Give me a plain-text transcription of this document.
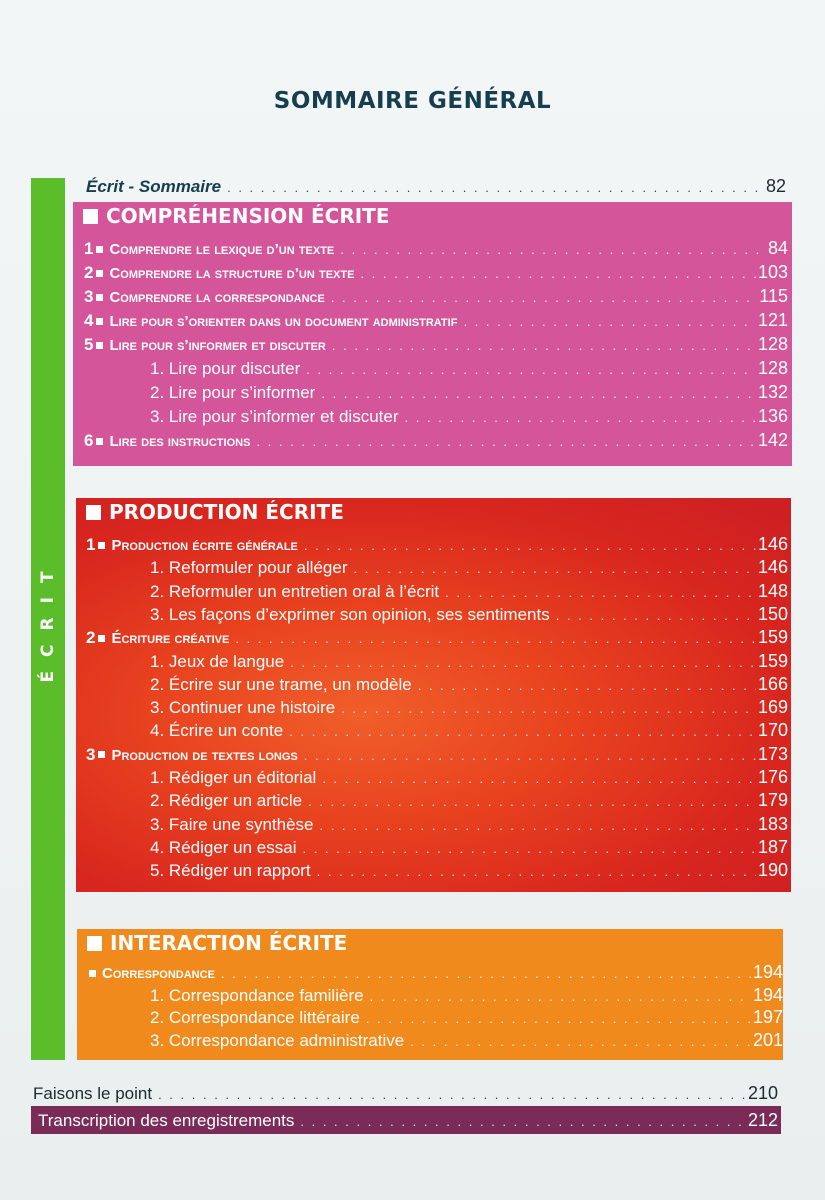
SOMMAIRE GÉNÉRAL
ÉCRIT
Écrit - Sommaire . . .	82
COMPRÉHENSION ÉCRITE
1 Comprendre le lexique d’un texte . . .	84
2 Comprendre la structure d’un texte . . .	103
3 Comprendre la correspondance . . .	115
4 Lire pour s’orienter dans un document administratif . . .	121
5 Lire pour s’informer et discuter . . .	128
1. Lire pour discuter . . .	128
2. Lire pour s’informer . . .	132
3. Lire pour s’informer et discuter . . .	136
6 Lire des instructions . . .	142
PRODUCTION ÉCRITE
1 Production écrite générale . . .	146
1. Reformuler pour alléger . . .	146
2. Reformuler un entretien oral à l’écrit . . .	148
3. Les façons d’exprimer son opinion, ses sentiments . . .	150
2 Écriture créative . . .	159
1. Jeux de langue . . .	159
2. Écrire sur une trame, un modèle . . .	166
3. Continuer une histoire . . .	169
4. Écrire un conte . . .	170
3 Production de textes longs . . .	173
1. Rédiger un éditorial . . .	176
2. Rédiger un article . . .	179
3. Faire une synthèse . . .	183
4. Rédiger un essai . . .	187
5. Rédiger un rapport . . .	190
INTERACTION ÉCRITE
Correspondance . . .	194
1. Correspondance familière . . .	194
2. Correspondance littéraire . . .	197
3. Correspondance administrative . . .	201
Faisons le point . . .	210
Transcription des enregistrements . . .	212
